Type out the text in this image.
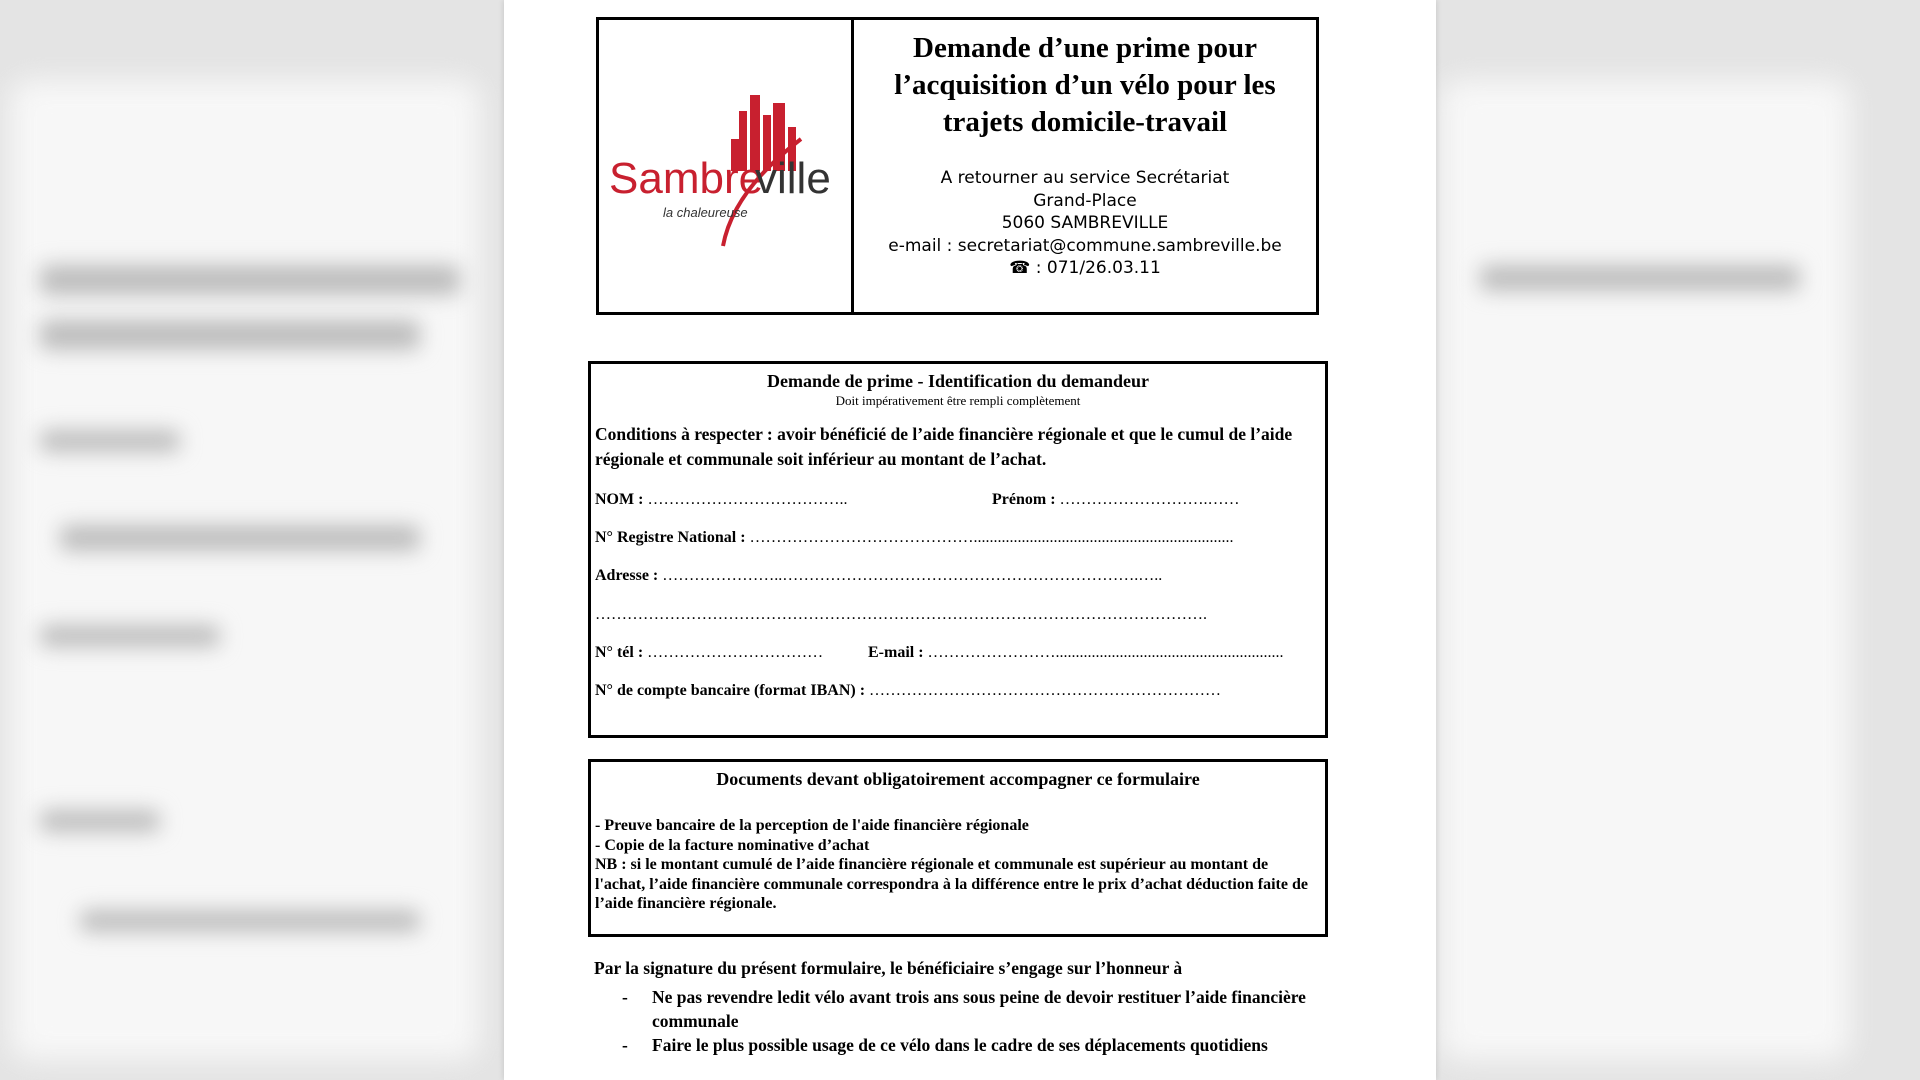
Sambre
ville
la chaleureuse
Demande d’une prime pour
l’acquisition d’un vélo pour les
trajets domicile-travail
A retourner au service Secrétariat
Grand-Place
5060 SAMBREVILLE
e-mail : secretariat@commune.sambreville.be
☎ : 071/26.03.11
Demande de prime - Identification du demandeur
Doit impérativement être rempli complètement
Conditions à respecter : avoir bénéficié de l’aide financière régionale et que le cumul de l’aide régionale et communale soit inférieur au montant de l’achat.
NOM : ………………………………..	Prénom : ……………………….……
N° Registre National : …………………………………….................................................................
Adresse : …………………..………………………………………………………….…..
…………………………………………………………………………………………………….
N° tél : ……………………………	E-mail : …………………….........................................................
N° de compte bancaire (format IBAN) : …………………………………………………………
Documents devant obligatoirement accompagner ce formulaire
- Preuve bancaire de la perception de l'aide financière régionale
- Copie de la facture nominative d’achat
NB : si le montant cumulé de l’aide financière régionale et communale est supérieur au montant de l'achat, l’aide financière communale correspondra à la différence entre le prix d’achat déduction faite de l’aide financière régionale.
Par la signature du présent formulaire, le bénéficiaire s’engage sur l’honneur à
- Ne pas revendre ledit vélo avant trois ans sous peine de devoir restituer l’aide financière communale
- Faire le plus possible usage de ce vélo dans le cadre de ses déplacements quotidiens
